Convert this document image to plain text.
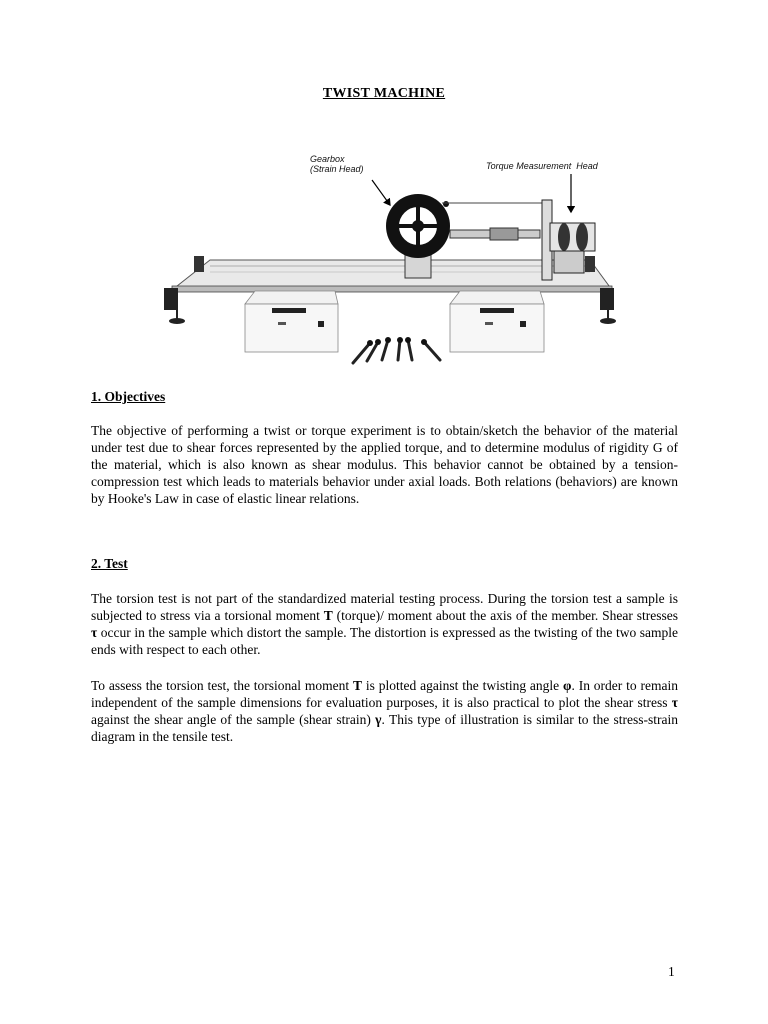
TWIST MACHINE
Gearbox
(Strain Head)	Torque Measurement  Head
1. Objectives
The objective of performing a twist or torque experiment is to obtain/sketch the behavior of the material under test due to shear forces represented by the applied torque, and to determine modulus of rigidity G of the material, which is also known as shear modulus. This behavior cannot be obtained by a tension-compression test which leads to materials behavior under axial loads. Both relations (behaviors) are known by Hooke's Law in case of elastic linear relations.
2. Test
The torsion test is not part of the standardized material testing process. During the torsion test a sample is subjected to stress via a torsional moment T (torque)/ moment about the axis of the member. Shear stresses τ occur in the sample which distort the sample. The distortion is expressed as the twisting of the two sample ends with respect to each other.
To assess the torsion test, the torsional moment T is plotted against the twisting angle φ. In order to remain independent of the sample dimensions for evaluation purposes, it is also practical to plot the shear stress τ against the shear angle of the sample (shear strain) γ. This type of illustration is similar to the stress-strain diagram in the tensile test.
1
